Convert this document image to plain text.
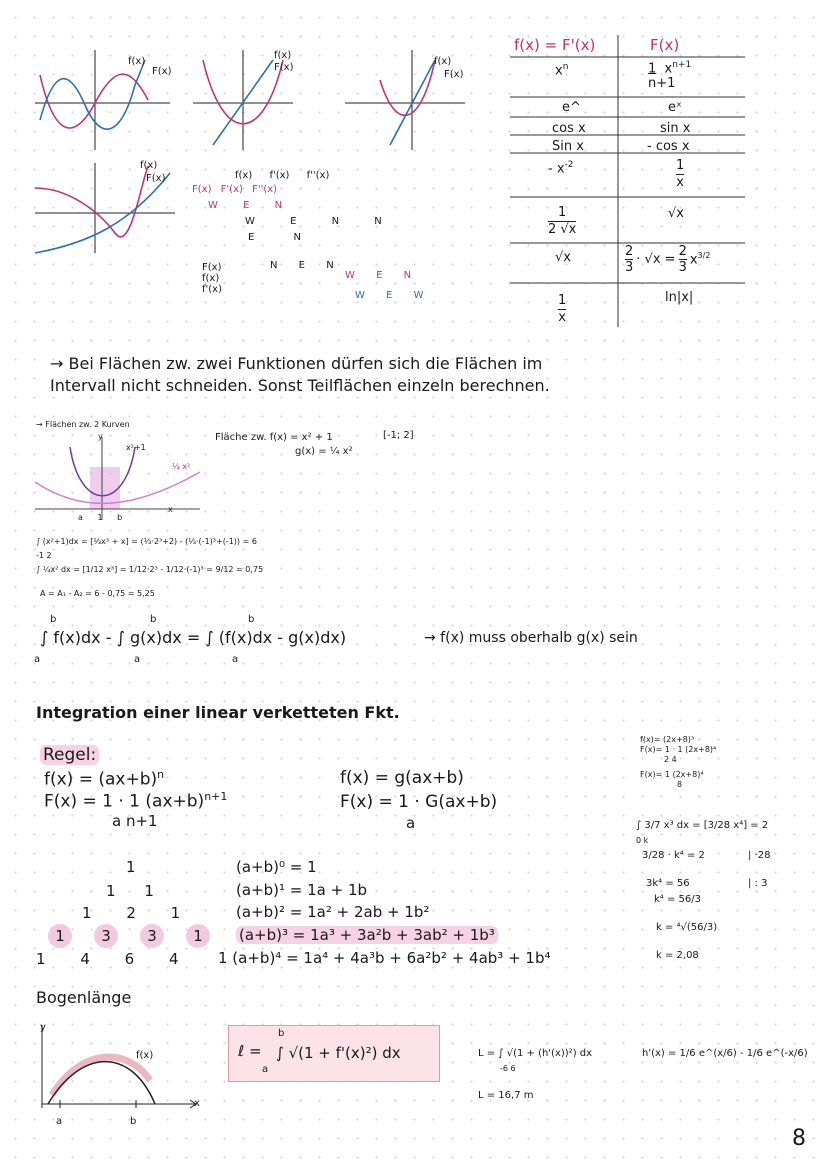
f(x)
F(x)
f(x)
F(x)
f(x)
F(x)
f(x)
F(x)	f(x) f'(x) f''(x)
F(x) F'(x) F''(x)
W	E	N
W	E	N	N
E	N
F(x)
f(x)
f'(x)
N E N
W E N
W E W
f(x) = F'(x)	F(x)
$x^n$	1 $x^{n+1}$
n+1
e^	eˣ
cos x	sin x
Sin x	- cos x
- $x^{-2}$	$\frac{1}{x}$
$\frac{1}{2 √x}$	√x
√x	$\frac{2}{3} \cdot √x = \frac{2}{3} x^{3/2}$
$\frac{1}{x}$	ln|x|
→ Bei Flächen zw. zwei Funktionen dürfen sich die Flächen im
Intervall nicht schneiden. Sonst Teilflächen einzeln berechnen.
→ Flächen zw. 2 Kurven
y
x
x²+1
¼ x²
a 1 b
Fläche zw. f(x) = x² + 1	[-1; 2]
g(x) = ¼ x²
∫ (x²+1)dx = [⅓x³ + x] = (⅓·2³+2) - (⅓·(-1)³+(-1)) = 6
-1 2
∫ ¼x² dx = [1/12 x³] = 1/12·2³ - 1/12·(-1)³ = 9/12 = 0,75
A = A₁ - A₂ = 6 - 0,75 = 5,25
∫ f(x)dx - ∫ g(x)dx = ∫ (f(x)dx - g(x)dx)
b
a
b
a
b
a
→ f(x) muss oberhalb g(x) sein
Integration einer linear verketteten Fkt.
Regel:
$f(x) = (ax+b)^n$
F(x) = 1 · 1 $(ax+b)^{n+1}$
a n+1
f(x) = g(ax+b)
F(x) = 1 · G(ax+b)
a
f(x)= (2x+8)³
F(x)= 1 · 1 (2x+8)⁴
2 4
F(x)= 1 (2x+8)⁴
8
∫ 3/7 x³ dx = [3/28 x⁴] = 2
0 k
3/28 · k⁴ = 2	| ·28
3k⁴ = 56	| : 3
k⁴ = 56/3
k = ⁴√(56/3)
k = 2,08
1
1 1
1 2 1
1	3	3	1
1 4 6 4
(a+b)⁰ = 1
(a+b)¹ = 1a + 1b
(a+b)² = 1a² + 2ab + 1b²
(a+b)³ = 1a³ + 3a²b + 3ab² + 1b³
1 (a+b)⁴ = 1a⁴ + 4a³b + 6a²b² + 4ab³ + 1b⁴
Bogenlänge
y
x
f(x)
a	b
ℓ = ∫ √(1 + f'(x)²) dx
b
a
L = ∫ √(1 + (h'(x))²) dx
-6 6
h'(x) = 1/6 e^(x/6) - 1/6 e^(-x/6)
L = 16,7 m
8
